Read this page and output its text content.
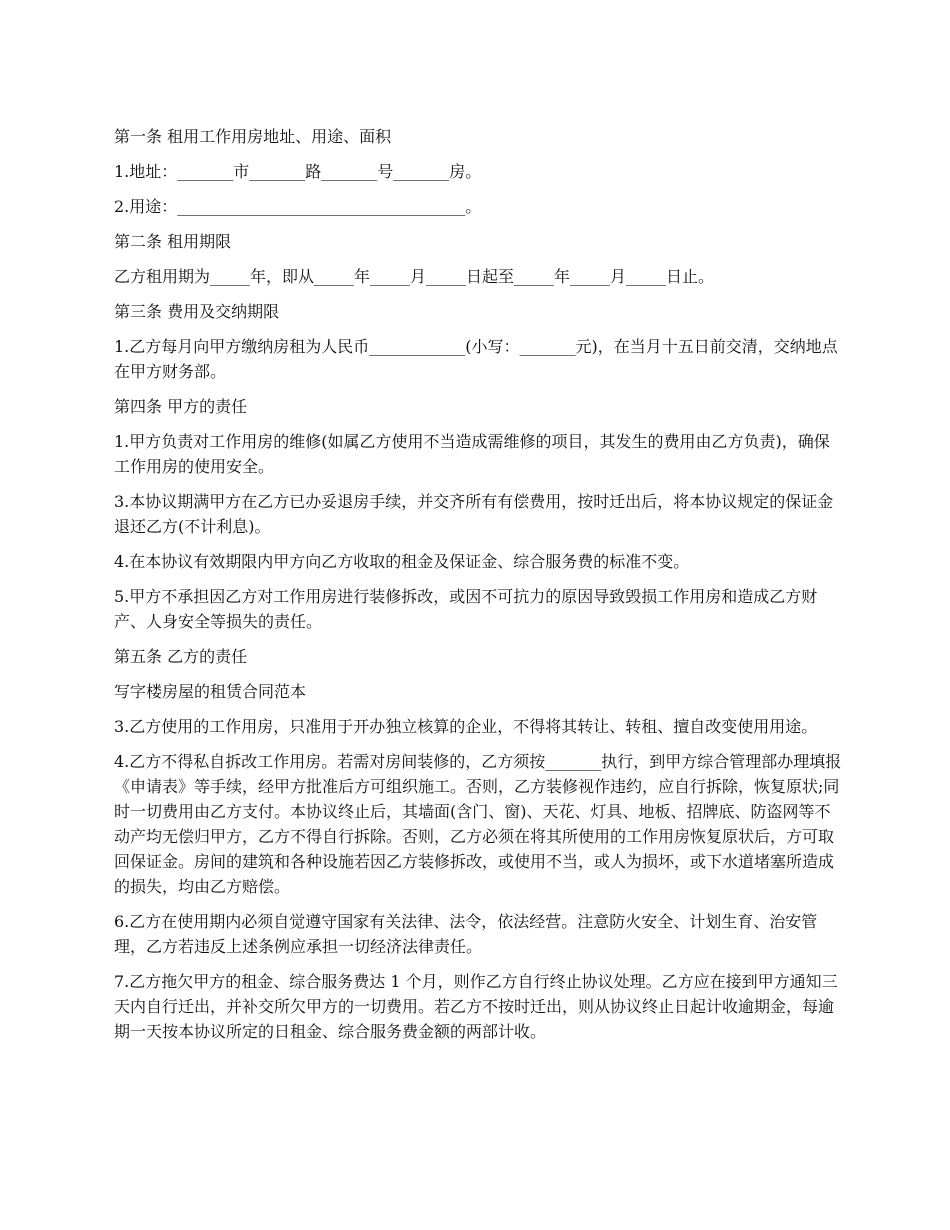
第一条 租用工作用房地址、用途、面积
1.地址：_______市_______路_______号_______房。
2.用途：____________________________________。
第二条 租用期限
乙方租用期为_____年，即从_____年_____月_____日起至_____年_____月_____日止。
第三条 费用及交纳期限
1.乙方每月向甲方缴纳房租为人民币____________(小写：_______元)，在当月十五日前交清，交纳地点在甲方财务部。
第四条 甲方的责任
1.甲方负责对工作用房的维修(如属乙方使用不当造成需维修的项目，其发生的费用由乙方负责)，确保工作用房的使用安全。
3.本协议期满甲方在乙方已办妥退房手续，并交齐所有有偿费用，按时迁出后，将本协议规定的保证金退还乙方(不计利息)。
4.在本协议有效期限内甲方向乙方收取的租金及保证金、综合服务费的标准不变。
5.甲方不承担因乙方对工作用房进行装修拆改，或因不可抗力的原因导致毁损工作用房和造成乙方财产、人身安全等损失的责任。
第五条 乙方的责任
写字楼房屋的租赁合同范本
3.乙方使用的工作用房，只准用于开办独立核算的企业，不得将其转让、转租、擅自改变使用用途。
4.乙方不得私自拆改工作用房。若需对房间装修的，乙方须按_______执行，到甲方综合管理部办理填报《申请表》等手续，经甲方批准后方可组织施工。否则，乙方装修视作违约，应自行拆除，恢复原状;同时一切费用由乙方支付。本协议终止后，其墙面(含门、窗)、天花、灯具、地板、招牌底、防盗网等不动产均无偿归甲方，乙方不得自行拆除。否则，乙方必须在将其所使用的工作用房恢复原状后，方可取回保证金。房间的建筑和各种设施若因乙方装修拆改，或使用不当，或人为损坏，或下水道堵塞所造成的损失，均由乙方赔偿。
6.乙方在使用期内必须自觉遵守国家有关法律、法令，依法经营。注意防火安全、计划生育、治安管理，乙方若违反上述条例应承担一切经济法律责任。
7.乙方拖欠甲方的租金、综合服务费达 1 个月，则作乙方自行终止协议处理。乙方应在接到甲方通知三天内自行迁出，并补交所欠甲方的一切费用。若乙方不按时迁出，则从协议终止日起计收逾期金，每逾期一天按本协议所定的日租金、综合服务费金额的两部计收。
